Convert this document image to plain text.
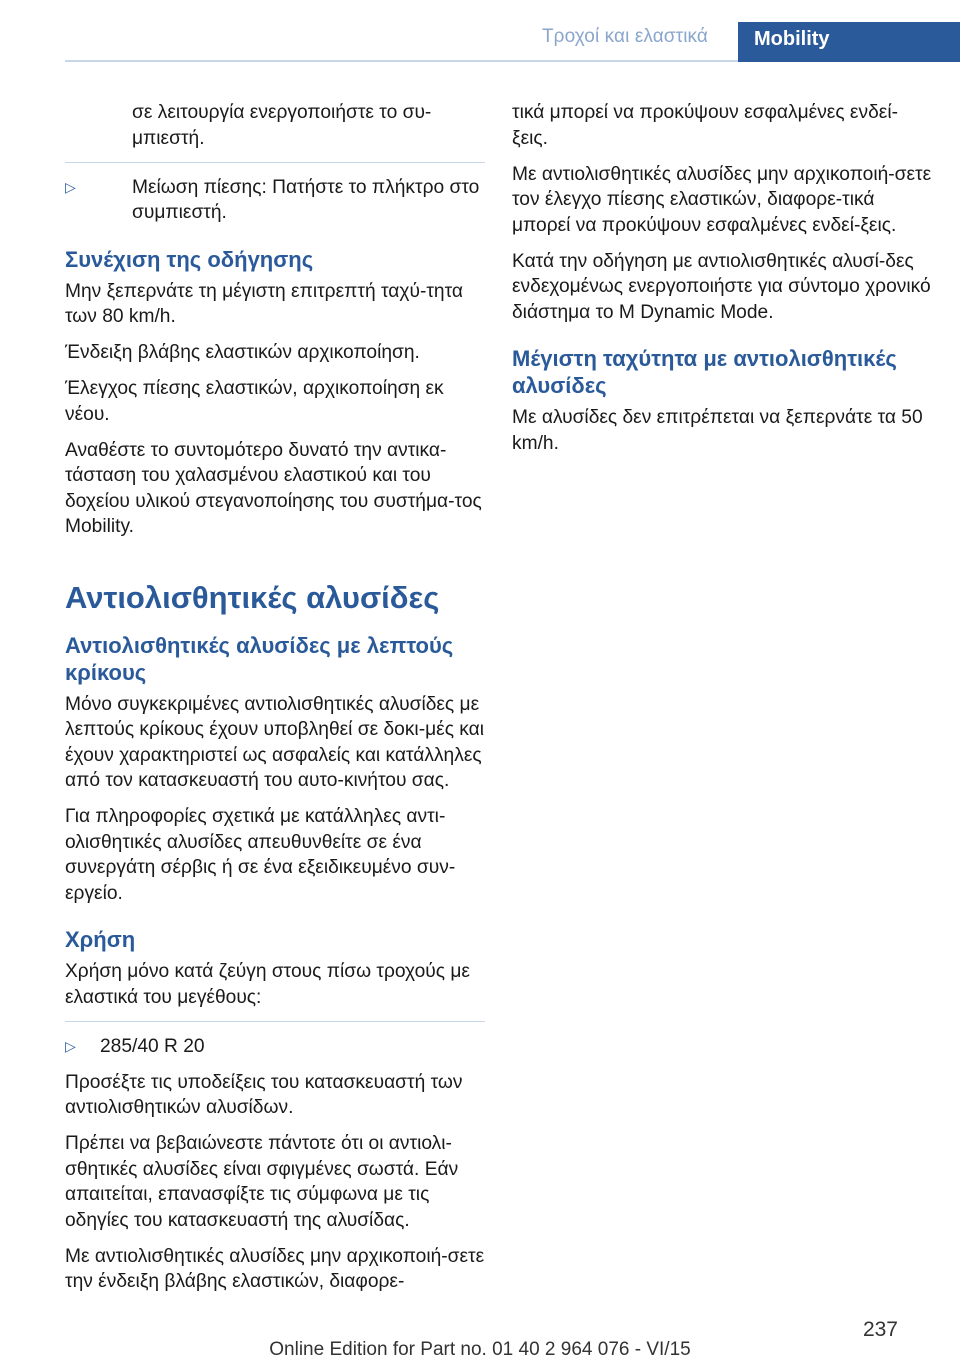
Τροχοί και ελαστικά Mobility

σε λειτουργία ενεργοποιήστε το συ-μπιεστή.

▷	Μείωση πίεσης: Πατήστε το πλήκτρο στο συμπιεστή.
Συνέχιση της οδήγησης

Μην ξεπερνάτε τη μέγιστη επιτρεπτή ταχύ-τητα των 80 km/h.

Ένδειξη βλάβης ελαστικών αρχικοποίηση.

Έλεγχος πίεσης ελαστικών, αρχικοποίηση εκ νέου.

Αναθέστε το συντομότερο δυνατό την αντικα-τάσταση του χαλασμένου ελαστικού και του δοχείου υλικού στεγανοποίησης του συστήμα-τος Mobility.

Αντιολισθητικές αλυσίδες
Αντιολισθητικές αλυσίδες με λεπτούς κρίκους

Μόνο συγκεκριμένες αντιολισθητικές αλυσίδες με λεπτούς κρίκους έχουν υποβληθεί σε δοκι-μές και έχουν χαρακτηριστεί ως ασφαλείς και κατάλληλες από τον κατασκευαστή του αυτο-κινήτου σας.

Για πληροφορίες σχετικά με κατάλληλες αντι-ολισθητικές αλυσίδες απευθυνθείτε σε ένα συνεργάτη σέρβις ή σε ένα εξειδικευμένο συν-εργείο.

Χρήση

Χρήση μόνο κατά ζεύγη στους πίσω τροχούς με ελαστικά του μεγέθους:

▷ 285/40 R 20

Προσέξτε τις υποδείξεις του κατασκευαστή των αντιολισθητικών αλυσίδων.

Πρέπει να βεβαιώνεστε πάντοτε ότι οι αντιολι-σθητικές αλυσίδες είναι σφιγμένες σωστά. Εάν απαιτείται, επανασφίξτε τις σύμφωνα με τις οδηγίες του κατασκευαστή της αλυσίδας.

Με αντιολισθητικές αλυσίδες μην αρχικοποιή-σετε την ένδειξη βλάβης ελαστικών, διαφορε-

τικά μπορεί να προκύψουν εσφαλμένες ενδεί-ξεις.

Με αντιολισθητικές αλυσίδες μην αρχικοποιή-σετε τον έλεγχο πίεσης ελαστικών, διαφορε-τικά μπορεί να προκύψουν εσφαλμένες ενδεί-ξεις.

Κατά την οδήγηση με αντιολισθητικές αλυσί-δες ενδεχομένως ενεργοποιήστε για σύντομο χρονικό διάστημα το M Dynamic Mode.

Μέγιστη ταχύτητα με αντιολισθητικές αλυσίδες

Με αλυσίδες δεν επιτρέπεται να ξεπερνάτε τα 50 km/h.

237
Online Edition for Part no. 01 40 2 964 076 - VI/15
